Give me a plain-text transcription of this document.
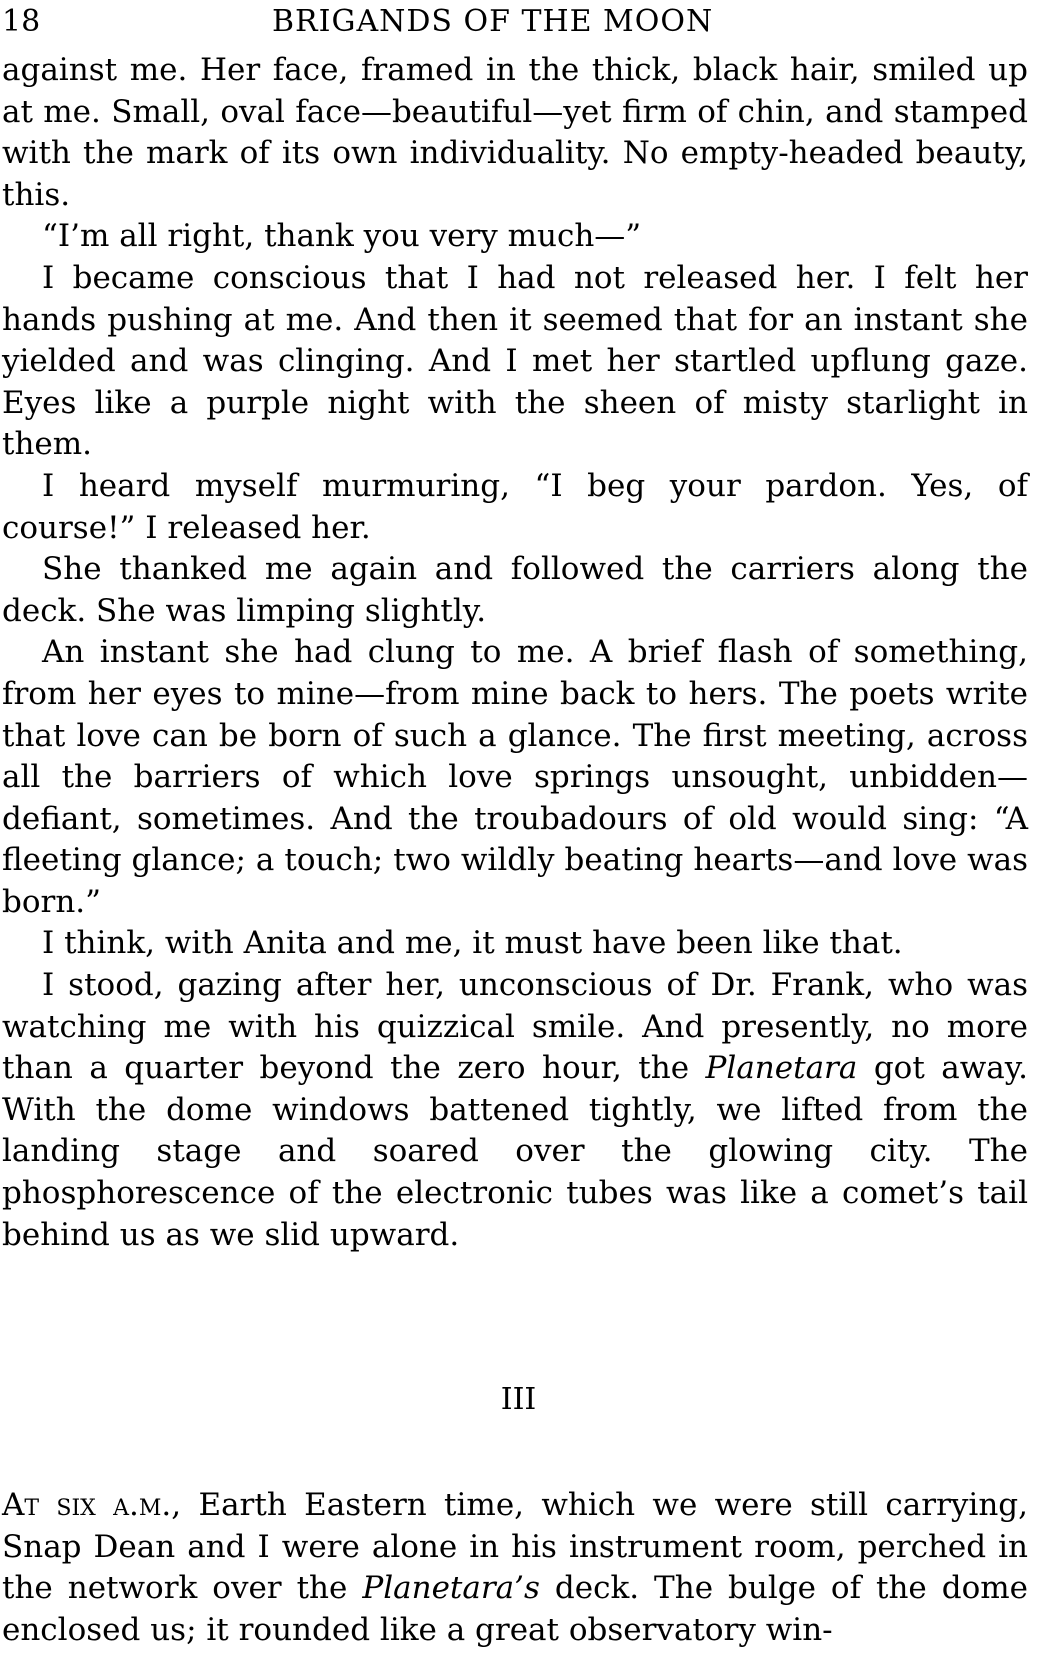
18	BRIGANDS OF THE MOON

against me. Her face, framed in the thick, black hair, smiled up at me. Small, oval face—beautiful—yet firm of chin, and stamped with the mark of its own individuality. No empty-headed beauty, this.

“I’m all right, thank you very much—”

I became conscious that I had not released her. I felt her hands pushing at me. And then it seemed that for an instant she yielded and was clinging. And I met her startled upflung gaze. Eyes like a purple night with the sheen of misty starlight in them.

I heard myself murmuring, “I beg your pardon. Yes, of course!” I released her.

She thanked me again and followed the carriers along the deck. She was limping slightly.

An instant she had clung to me. A brief flash of something, from her eyes to mine—from mine back to hers. The poets write that love can be born of such a glance. The first meeting, across all the barriers of which love springs unsought, unbidden—defiant, sometimes. And the troubadours of old would sing: “A fleeting glance; a touch; two wildly beating hearts—and love was born.”

I think, with Anita and me, it must have been like that.

I stood, gazing after her, unconscious of Dr. Frank, who was watching me with his quizzical smile. And presently, no more than a quarter beyond the zero hour, the Planetara got away. With the dome windows battened tightly, we lifted from the landing stage and soared over the glowing city. The phosphorescence of the electronic tubes was like a comet’s tail behind us as we slid upward.

III

At six a.m., Earth Eastern time, which we were still carrying, Snap Dean and I were alone in his instrument room, perched in the network over the Planetara’s deck. The bulge of the dome enclosed us; it rounded like a great observatory win-
